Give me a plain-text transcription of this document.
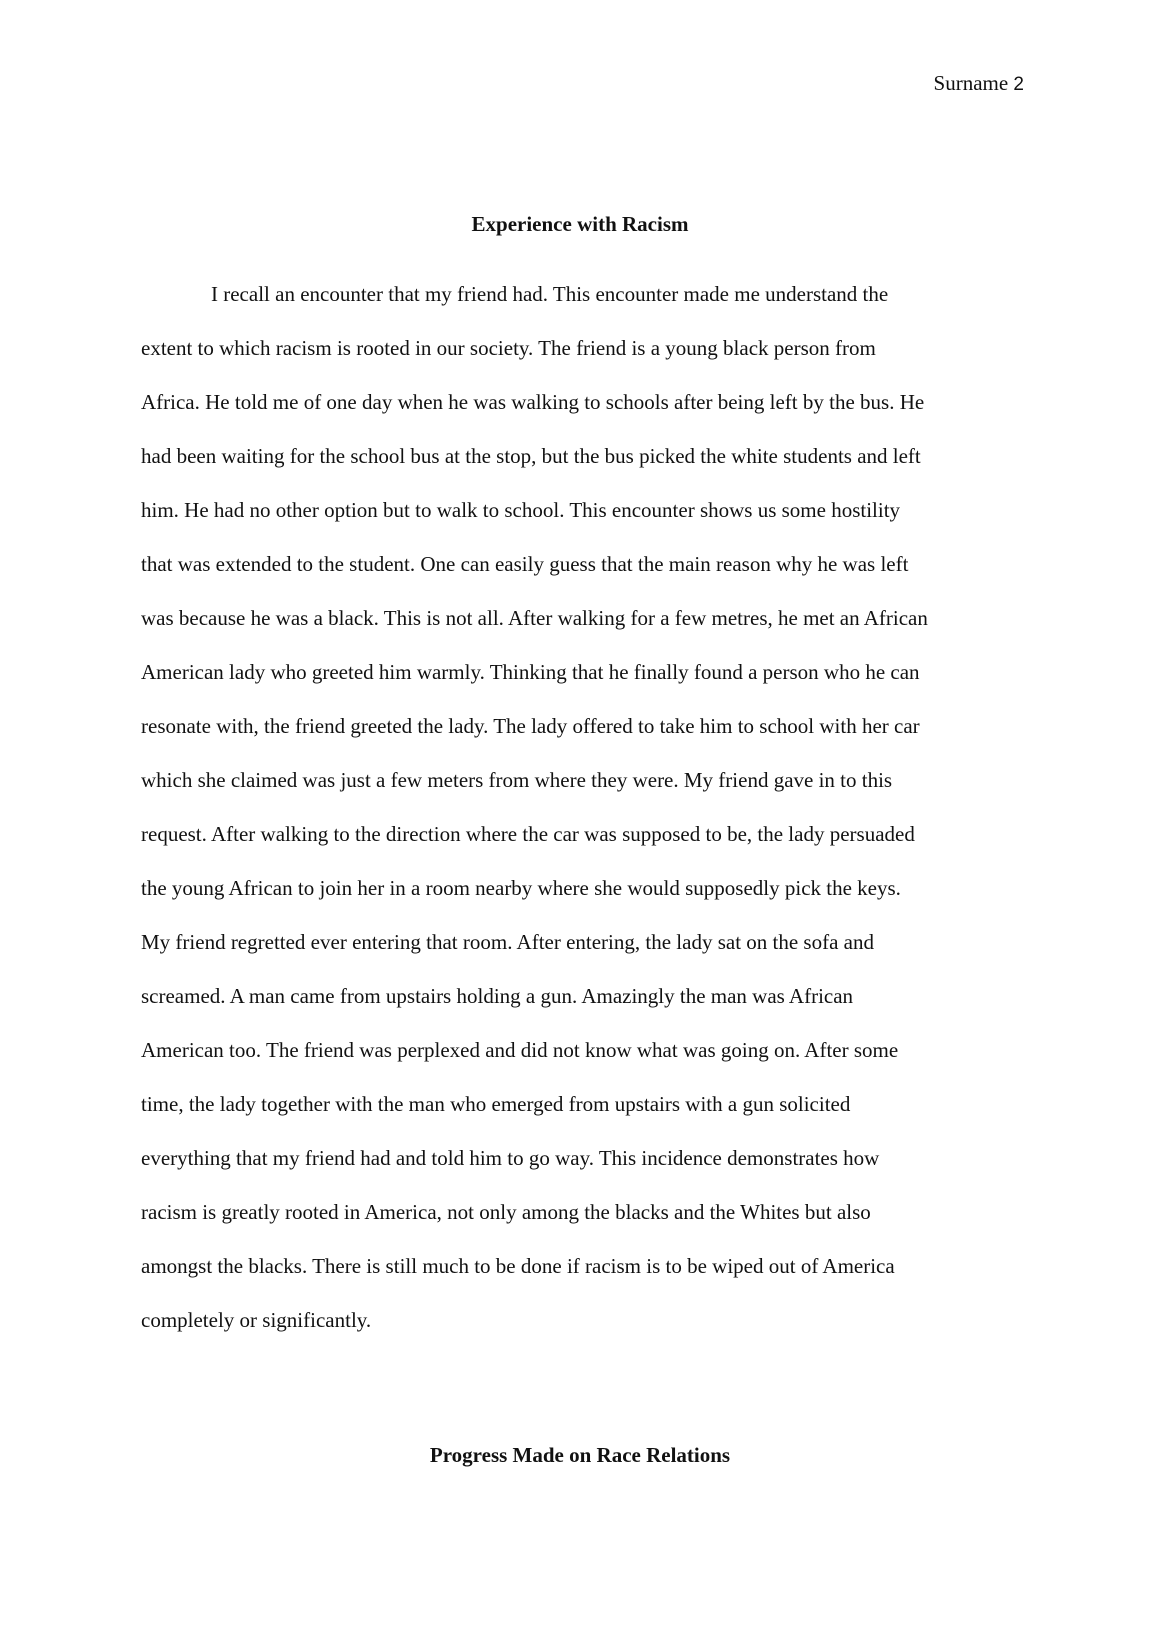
Surname 2
Experience with Racism
I recall an encounter that my friend had. This encounter made me understand the
extent to which racism is rooted in our society. The friend is a young black person from
Africa. He told me of one day when he was walking to schools after being left by the bus. He
had been waiting for the school bus at the stop, but the bus picked the white students and left
him. He had no other option but to walk to school. This encounter shows us some hostility
that was extended to the student. One can easily guess that the main reason why he was left
was because he was a black. This is not all. After walking for a few metres, he met an African
American lady who greeted him warmly. Thinking that he finally found a person who he can
resonate with, the friend greeted the lady. The lady offered to take him to school with her car
which she claimed was just a few meters from where they were. My friend gave in to this
request. After walking to the direction where the car was supposed to be, the lady persuaded
the young African to join her in a room nearby where she would supposedly pick the keys.
My friend regretted ever entering that room. After entering, the lady sat on the sofa and
screamed. A man came from upstairs holding a gun. Amazingly the man was African
American too. The friend was perplexed and did not know what was going on. After some
time, the lady together with the man who emerged from upstairs with a gun solicited
everything that my friend had and told him to go way. This incidence demonstrates how
racism is greatly rooted in America, not only among the blacks and the Whites but also
amongst the blacks. There is still much to be done if racism is to be wiped out of America
completely or significantly.
Progress Made on Race Relations
